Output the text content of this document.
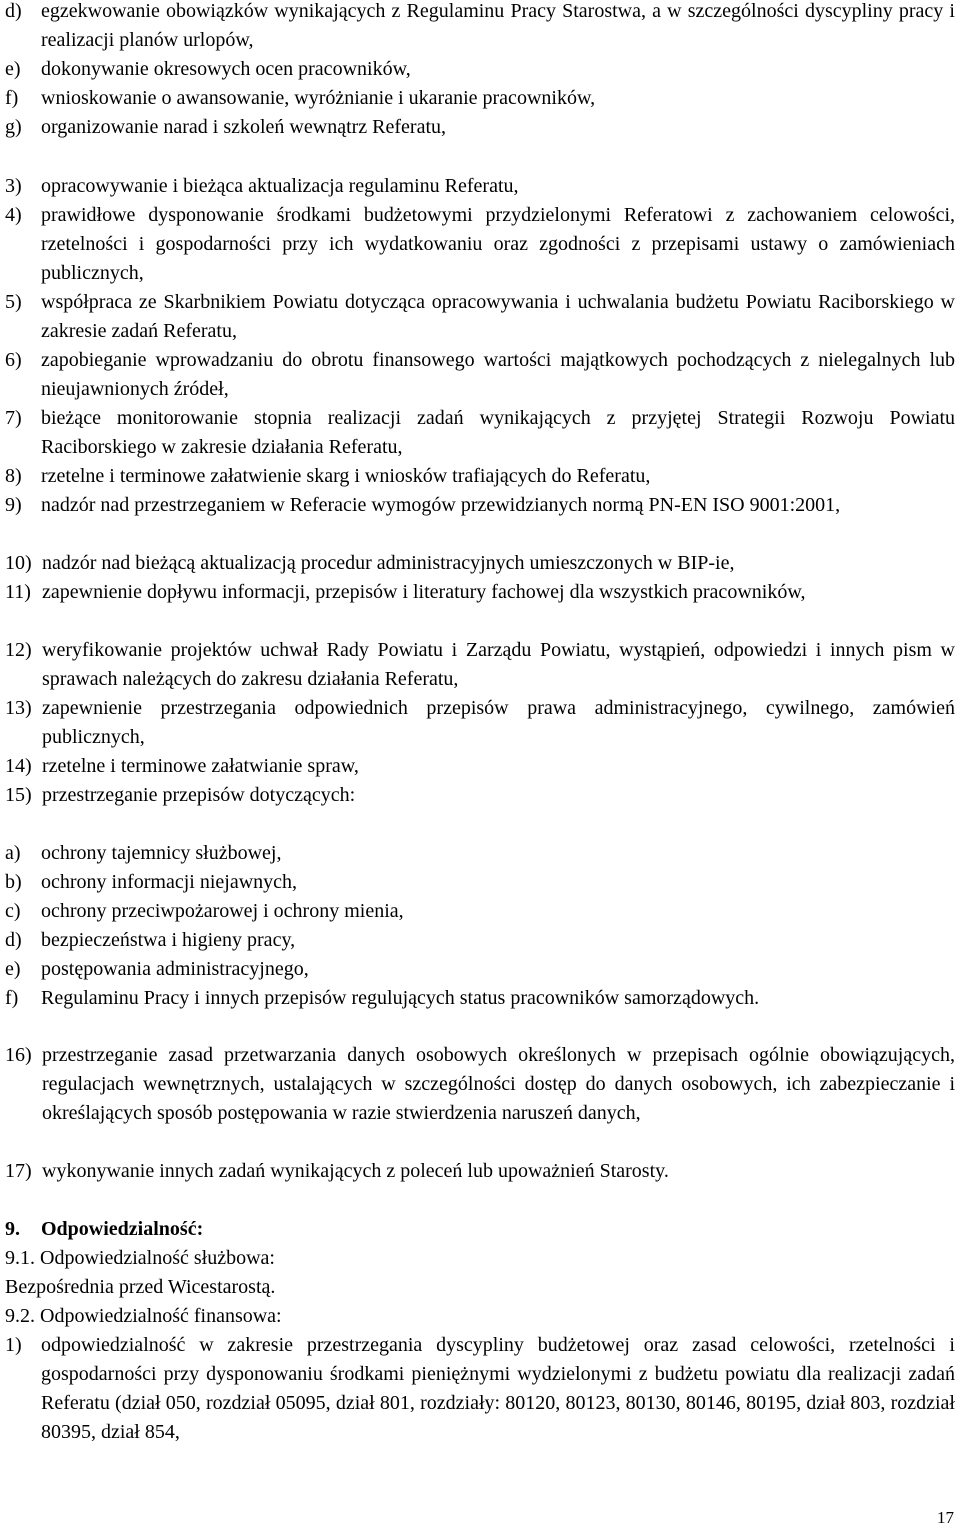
d) egzekwowanie obowiązków wynikających z Regulaminu Pracy Starostwa, a w szczególności dyscypliny pracy i realizacji planów urlopów,
e) dokonywanie okresowych ocen pracowników,
f) wnioskowanie o awansowanie, wyróżnianie i ukaranie pracowników,
g) organizowanie narad i szkoleń wewnątrz Referatu,
3) opracowywanie i bieżąca aktualizacja regulaminu Referatu,
4) prawidłowe dysponowanie środkami budżetowymi przydzielonymi Referatowi z zachowaniem celowości, rzetelności i gospodarności przy ich wydatkowaniu oraz zgodności z przepisami ustawy o zamówieniach publicznych,
5) współpraca ze Skarbnikiem Powiatu dotycząca opracowywania i uchwalania budżetu Powiatu Raciborskiego w zakresie zadań Referatu,
6) zapobieganie wprowadzaniu do obrotu finansowego wartości majątkowych pochodzących z nielegalnych lub nieujawnionych źródeł,
7) bieżące monitorowanie stopnia realizacji zadań wynikających z przyjętej Strategii Rozwoju Powiatu Raciborskiego w zakresie działania Referatu,
8) rzetelne i terminowe załatwienie skarg i wniosków trafiających do Referatu,
9) nadzór nad przestrzeganiem w Referacie wymogów przewidzianych normą PN-EN ISO 9001:2001,
10) nadzór nad bieżącą aktualizacją procedur administracyjnych umieszczonych w BIP-ie,
11) zapewnienie dopływu informacji, przepisów i literatury fachowej dla wszystkich pracowników,
12) weryfikowanie projektów uchwał Rady Powiatu i Zarządu Powiatu, wystąpień, odpowiedzi i innych pism w sprawach należących do zakresu działania Referatu,
13) zapewnienie przestrzegania odpowiednich przepisów prawa administracyjnego, cywilnego, zamówień publicznych,
14) rzetelne i terminowe załatwianie spraw,
15) przestrzeganie przepisów dotyczących:
a) ochrony tajemnicy służbowej,
b) ochrony informacji niejawnych,
c) ochrony przeciwpożarowej i ochrony mienia,
d) bezpieczeństwa i higieny pracy,
e) postępowania administracyjnego,
f) Regulaminu Pracy i innych przepisów regulujących status pracowników samorządowych.
16) przestrzeganie zasad przetwarzania danych osobowych określonych w przepisach ogólnie obowiązujących, regulacjach wewnętrznych, ustalających w szczególności dostęp do danych osobowych, ich zabezpieczanie i określających sposób postępowania w razie stwierdzenia naruszeń danych,
17) wykonywanie innych zadań wynikających z poleceń lub upoważnień Starosty.
9. Odpowiedzialność:
9.1. Odpowiedzialność służbowa:
Bezpośrednia przed Wicestarostą.
9.2. Odpowiedzialność finansowa:
1) odpowiedzialność w zakresie przestrzegania dyscypliny budżetowej oraz zasad celowości, rzetelności i gospodarności przy dysponowaniu środkami pieniężnymi wydzielonymi z budżetu powiatu dla realizacji zadań Referatu (dział 050, rozdział 05095, dział 801, rozdziały: 80120, 80123, 80130, 80146, 80195, dział 803, rozdział 80395, dział 854,
17
